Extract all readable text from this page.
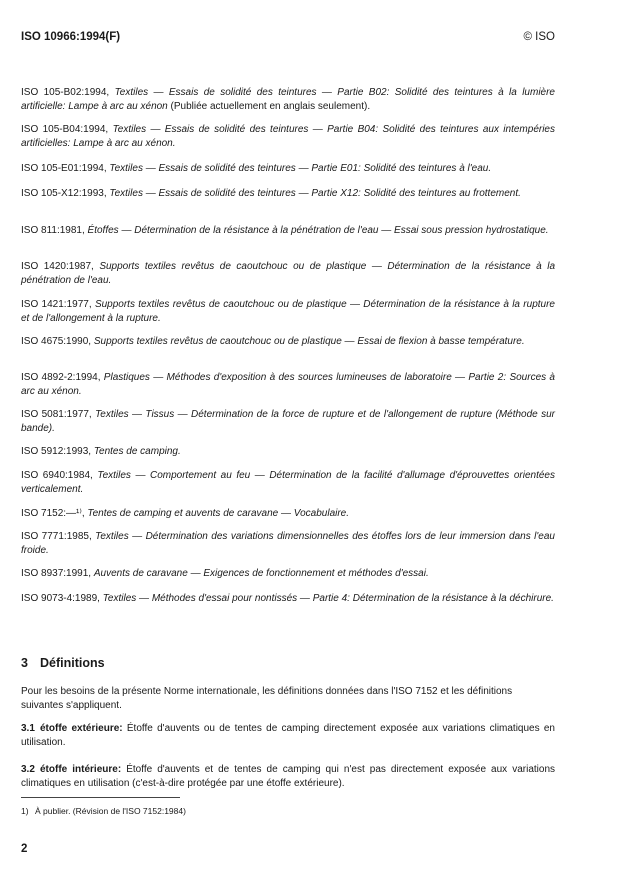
ISO 10966:1994(F)	© ISO

ISO 105-B02:1994, Textiles — Essais de solidité des teintures — Partie B02: Solidité des teintures à la lumière artificielle: Lampe à arc au xénon (Publiée actuellement en anglais seulement).

ISO 105-B04:1994, Textiles — Essais de solidité des teintures — Partie B04: Solidité des teintures aux intempéries artificielles: Lampe à arc au xénon.

ISO 105-E01:1994, Textiles — Essais de solidité des teintures — Partie E01: Solidité des teintures à l'eau.

ISO 105-X12:1993, Textiles — Essais de solidité des teintures — Partie X12: Solidité des teintures au frottement.

ISO 811:1981, Étoffes — Détermination de la résistance à la pénétration de l'eau — Essai sous pression hydrostatique.

ISO 1420:1987, Supports textiles revêtus de caoutchouc ou de plastique — Détermination de la résistance à la pénétration de l'eau.

ISO 1421:1977, Supports textiles revêtus de caoutchouc ou de plastique — Détermination de la résistance à la rupture et de l'allongement à la rupture.

ISO 4675:1990, Supports textiles revêtus de caoutchouc ou de plastique — Essai de flexion à basse température.

ISO 4892-2:1994, Plastiques — Méthodes d'exposition à des sources lumineuses de laboratoire — Partie 2: Sources à arc au xénon.

ISO 5081:1977, Textiles — Tissus — Détermination de la force de rupture et de l'allongement de rupture (Méthode sur bande).

ISO 5912:1993, Tentes de camping.

ISO 6940:1984, Textiles — Comportement au feu — Détermination de la facilité d'allumage d'éprouvettes orientées verticalement.

ISO 7152:—¹⁾, Tentes de camping et auvents de caravane — Vocabulaire.

ISO 7771:1985, Textiles — Détermination des variations dimensionnelles des étoffes lors de leur immersion dans l'eau froide.

ISO 8937:1991, Auvents de caravane — Exigences de fonctionnement et méthodes d'essai.

ISO 9073-4:1989, Textiles — Méthodes d'essai pour nontissés — Partie 4: Détermination de la résistance à la déchirure.

3 Définitions

Pour les besoins de la présente Norme internationale, les définitions données dans l'ISO 7152 et les définitions suivantes s'appliquent.

3.1 étoffe extérieure: Étoffe d'auvents ou de tentes de camping directement exposée aux variations climatiques en utilisation.

3.2 étoffe intérieure: Étoffe d'auvents et de tentes de camping qui n'est pas directement exposée aux variations climatiques en utilisation (c'est-à-dire protégée par une étoffe extérieure).

1) À publier. (Révision de l'ISO 7152:1984)
2
